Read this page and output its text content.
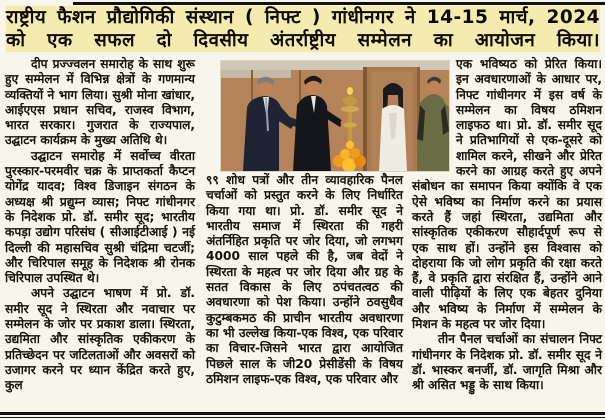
राष्ट्रीय फैशन प्रौद्योगिकी संस्थान ( निफ्ट ) गांधीनगर ने 14-15 मार्च, 2024
को एक सफल दो दिवसीय अंतर्राष्ट्रीय सम्मेलन का आयोजन किया।

दीप प्रज्ज्वलन समारोह के साथ शुरू हुए सम्मेलन में विभिन्न क्षेत्रों के गणमान्य व्यक्तियों ने भाग लिया। सुश्री मोना खांधार, आईएएस प्रधान सचिव, राजस्व विभाग, भारत सरकार। गुजरात के राज्यपाल, उद्घाटन कार्यक्रम के मुख्य अतिथि थे।

उद्घाटन समारोह में सर्वोच्च वीरता पुरस्कार-परमवीर चक्र के प्राप्तकर्ता कैप्टन योगेंद्र यादव; विश्व डिजाइन संगठन के अध्यक्ष श्री प्रद्युम्न व्यास; निफ्ट गांधीनगर के निदेशक प्रो. डॉ. समीर सूद; भारतीय कपड़ा उद्योग परिसंघ ( सीआईटीआई ) नई दिल्ली की महासचिव सुश्री चंद्रिमा चटर्जी; और चिरिपाल समूह के निदेशक श्री रोनक चिरिपाल उपस्थित थे।

अपने उद्घाटन भाषण में प्रो. डॉ. समीर सूद ने स्थिरता और नवाचार पर सम्मेलन के जोर पर प्रकाश डाला। स्थिरता, उद्यमिता और सांस्कृतिक एकीकरण के प्रतिच्छेदन पर जटिलताओं और अवसरों को उजागर करने पर ध्यान केंद्रित करते हुए, कुल

९९ शोध पत्रों और तीन व्यावहारिक पैनल चर्चाओं को प्रस्तुत करने के लिए निर्धारित किया गया था। प्रो. डॉ. समीर सूद ने भारतीय समाज में स्थिरता की गहरी अंतर्निहित प्रकृति पर जोर दिया, जो लगभग 4000 साल पहले की है, जब वेदों ने स्थिरता के महत्व पर जोर दिया और ग्रह के सतत विकास के लिए ठपंचतत्वठ की अवधारणा को पेश किया। उन्होंने ठवसुधैव कुटुम्बकमठ की प्राचीन भारतीय अवधारणा का भी उल्लेख किया-एक विश्व, एक परिवार का विचार-जिसने भारत द्वारा आयोजित पिछले साल के जी20 प्रेसीडेंसी के विषय ठमिशन लाइफ-एक विश्व, एक परिवार और

एक भविष्यठ को प्रेरित किया। इन अवधारणाओं के आधार पर, निफ्ट गांधीनगर में इस वर्ष के सम्मेलन का विषय ठमिशन लाइफठ था। प्रो. डॉ. समीर सूद ने प्रतिभागियों से एक-दूसरे को शामिल करने, सीखने और प्रेरित करने का आग्रह करते हुए अपने संबोधन का समापन किया क्योंकि वे एक ऐसे भविष्य का निर्माण करने का प्रयास करते हैं जहां स्थिरता, उद्यमिता और सांस्कृतिक एकीकरण सौहार्दपूर्ण रूप से एक साथ हों। उन्होंने इस विश्वास को दोहराया कि जो लोग प्रकृति की रक्षा करते हैं, वे प्रकृति द्वारा संरक्षित हैं, उन्होंने आने वाली पीढ़ियों के लिए एक बेहतर दुनिया और भविष्य के निर्माण में सम्मेलन के मिशन के महत्व पर जोर दिया।

तीन पैनल चर्चाओं का संचालन निफ्ट गांधीनगर के निदेशक प्रो. डॉ. समीर सूद ने डॉ. भास्कर बनर्जी, डॉ. जागृति मिश्रा और श्री असित भड्डु के साथ किया।
